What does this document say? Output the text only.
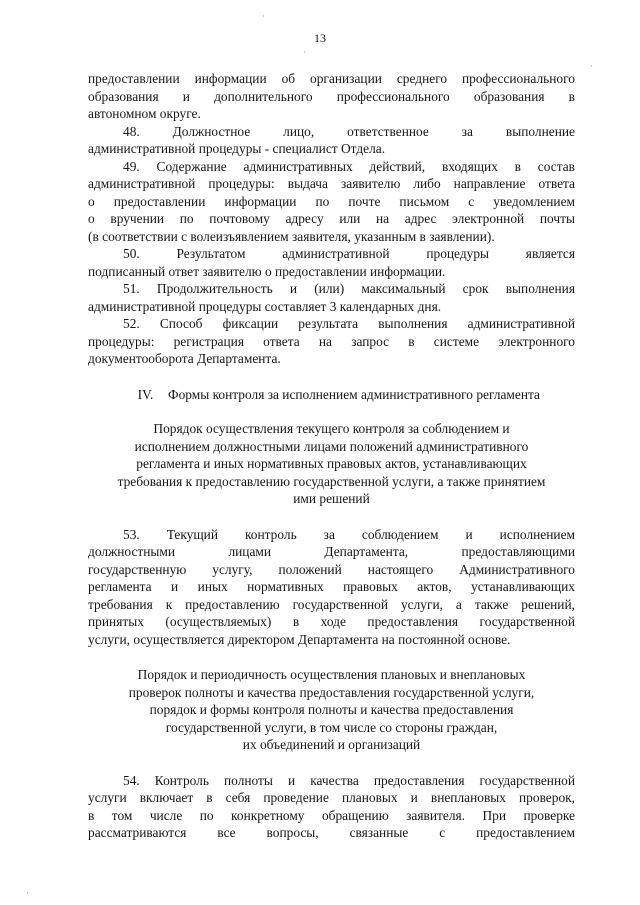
·
·
·
·
13

предоставлении информации об организации среднего профессионального

образования и дополнительного профессионального образования в

автономном округе.

48. Должностное лицо, ответственное за выполнение

административной процедуры - специалист Отдела.

49. Содержание административных действий, входящих в состав

административной процедуры: выдача заявителю либо направление ответа

о предоставлении информации по почте письмом с уведомлением

о вручении по почтовому адресу или на адрес электронной почты

(в соответствии с волеизъявлением заявителя, указанным в заявлении).

50. Результатом административной процедуры является

подписанный ответ заявителю о предоставлении информации.

51. Продолжительность и (или) максимальный срок выполнения

административной процедуры составляет 3 календарных дня.

52. Способ фиксации результата выполнения административной

процедуры: регистрация ответа на запрос в системе электронного

документооборота Департамента.

IV. Формы контроля за исполнением административного регламента

Порядок осуществления текущего контроля за соблюдением и

исполнением должностными лицами положений административного

регламента и иных нормативных правовых актов, устанавливающих

требования к предоставлению государственной услуги, а также принятием

ими решений

53. Текущий контроль за соблюдением и исполнением

должностными лицами Департамента, предоставляющими

государственную услугу, положений настоящего Административного

регламента и иных нормативных правовых актов, устанавливающих

требования к предоставлению государственной услуги, а также решений,

принятых (осуществляемых) в ходе предоставления государственной

услуги, осуществляется директором Департамента на постоянной основе.

Порядок и периодичность осуществления плановых и внеплановых

проверок полноты и качества предоставления государственной услуги,

порядок и формы контроля полноты и качества предоставления

государственной услуги, в том числе со стороны граждан,

их объединений и организаций

54. Контроль полноты и качества предоставления государственной

услуги включает в себя проведение плановых и внеплановых проверок,

в том числе по конкретному обращению заявителя. При проверке

рассматриваются все вопросы, связанные с предоставлением
